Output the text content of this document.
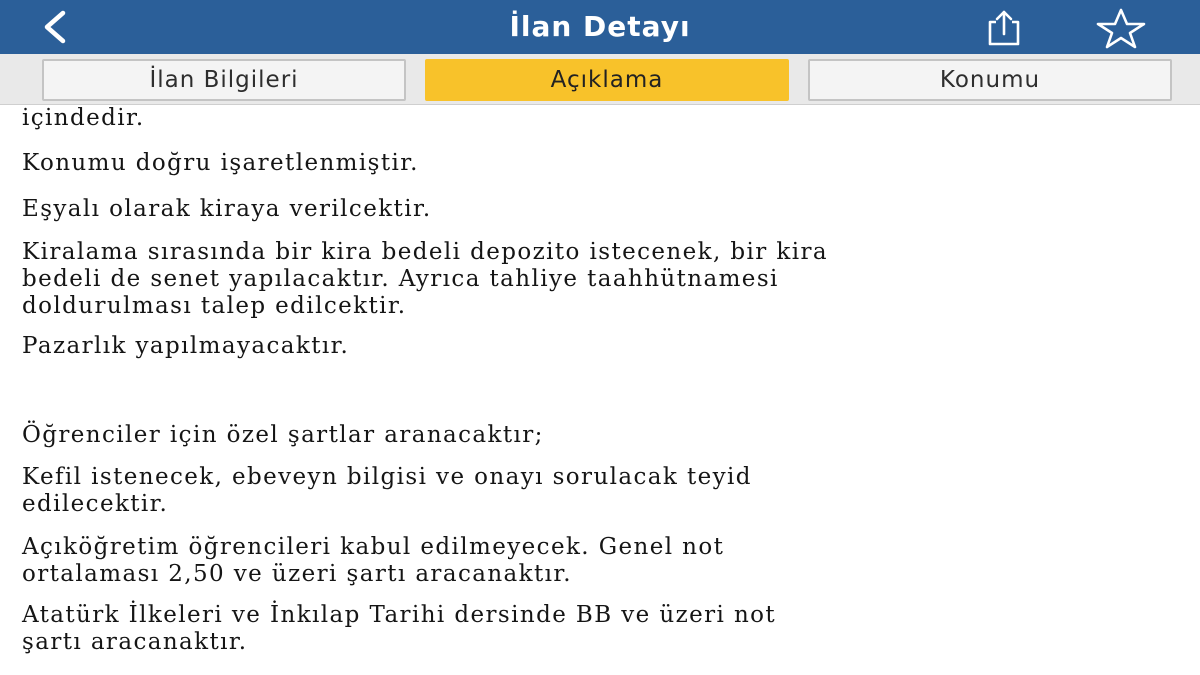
İlan Detayı
İlan Bilgileri	Açıklama	Konumu

içindedir.

Konumu doğru işaretlenmiştir.

Eşyalı olarak kiraya verilcektir.

Kiralama sırasında bir kira bedeli depozito istecenek, bir kira
bedeli de senet yapılacaktır. Ayrıca tahliye taahhütnamesi
doldurulması talep edilcektir.

Pazarlık yapılmayacaktır.

Öğrenciler için özel şartlar aranacaktır;

Kefil istenecek, ebeveyn bilgisi ve onayı sorulacak teyid
edilecektir.

Açıköğretim öğrencileri kabul edilmeyecek. Genel not
ortalaması 2,50 ve üzeri şartı aracanaktır.

Atatürk İlkeleri ve İnkılap Tarihi dersinde BB ve üzeri not
şartı aracanaktır.
